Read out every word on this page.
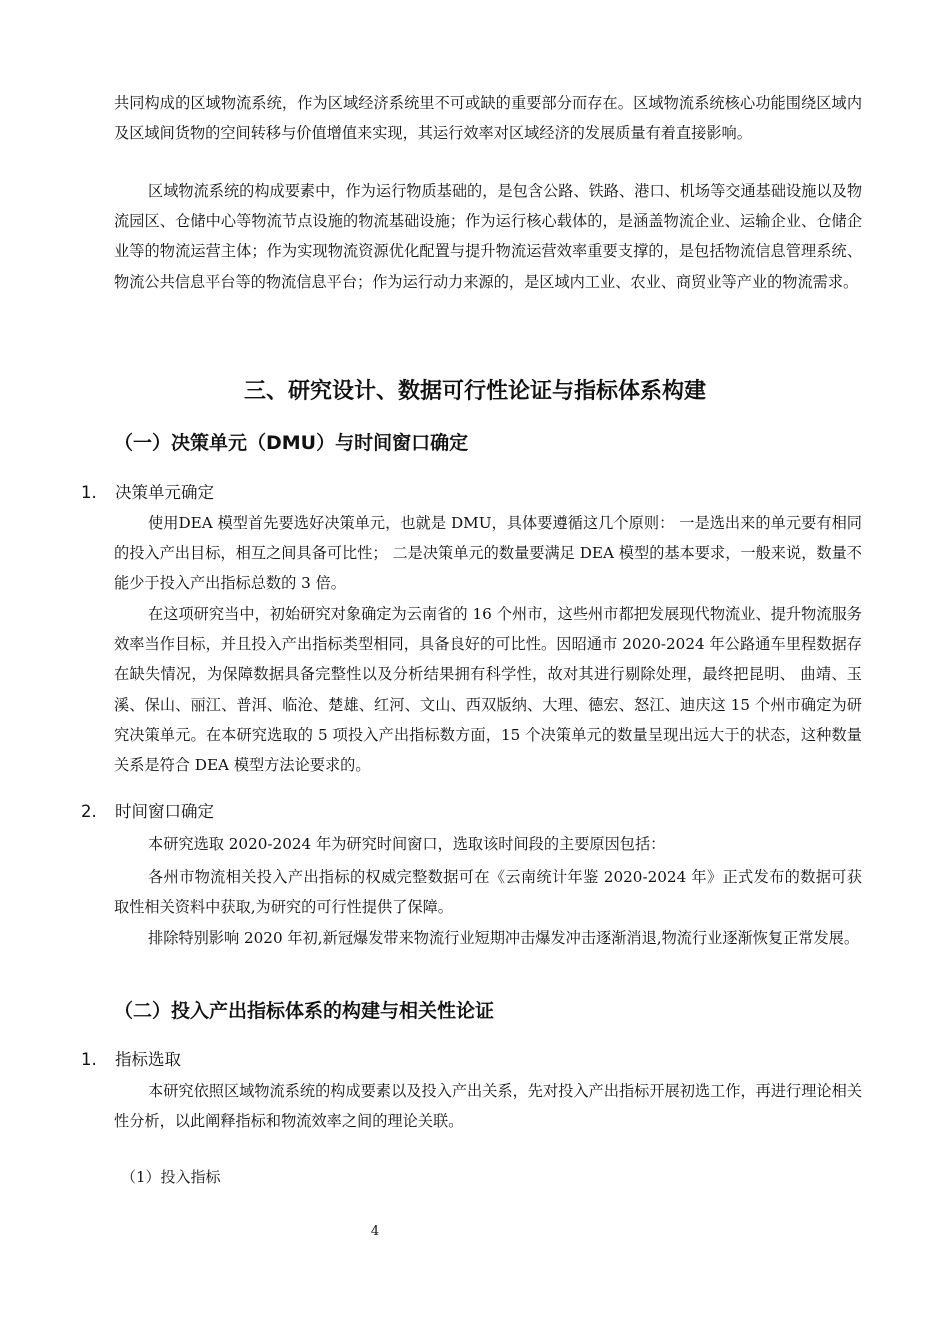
共同构成的区域物流系统，作为区域经济系统里不可或缺的重要部分而存在。区域物流系统核心功能围绕区域内及区域间货物的空间转移与价值增值来实现，其运行效率对区域经济的发展质量有着直接影响。

区域物流系统的构成要素中，作为运行物质基础的，是包含公路、铁路、港口、机场等交通基础设施以及物流园区、仓储中心等物流节点设施的物流基础设施；作为运行核心载体的，是涵盖物流企业、运输企业、仓储企业等的物流运营主体；作为实现物流资源优化配置与提升物流运营效率重要支撑的，是包括物流信息管理系统、物流公共信息平台等的物流信息平台；作为运行动力来源的，是区域内工业、农业、商贸业等产业的物流需求。

三、研究设计、数据可行性论证与指标体系构建
（一）决策单元（DMU）与时间窗口确定
1. 决策单元确定

使用DEA 模型首先要选好决策单元，也就是 DMU，具体要遵循这几个原则： 一是选出来的单元要有相同的投入产出目标，相互之间具备可比性； 二是决策单元的数量要满足 DEA 模型的基本要求，一般来说，数量不能少于投入产出指标总数的 3 倍。

在这项研究当中，初始研究对象确定为云南省的 16 个州市，这些州市都把发展现代物流业、提升物流服务效率当作目标，并且投入产出指标类型相同，具备良好的可比性。因昭通市 2020-2024 年公路通车里程数据存在缺失情况，为保障数据具备完整性以及分析结果拥有科学性，故对其进行剔除处理，最终把昆明、 曲靖、玉溪、保山、丽江、普洱、临沧、楚雄、红河、文山、西双版纳、大理、德宏、怒江、迪庆这 15 个州市确定为研究决策单元。在本研究选取的 5 项投入产出指标数方面，15 个决策单元的数量呈现出远大于的状态，这种数量关系是符合 DEA 模型方法论要求的。

2. 时间窗口确定

本研究选取 2020-2024 年为研究时间窗口，选取该时间段的主要原因包括：

各州市物流相关投入产出指标的权威完整数据可在《云南统计年鉴 2020-2024 年》正式发布的数据可获取性相关资料中获取,为研究的可行性提供了保障。

排除特别影响 2020 年初,新冠爆发带来物流行业短期冲击爆发冲击逐渐消退,物流行业逐渐恢复正常发展。

（二）投入产出指标体系的构建与相关性论证
1. 指标选取

本研究依照区域物流系统的构成要素以及投入产出关系，先对投入产出指标开展初选工作，再进行理论相关性分析，以此阐释指标和物流效率之间的理论关联。

（1）投入指标

4
